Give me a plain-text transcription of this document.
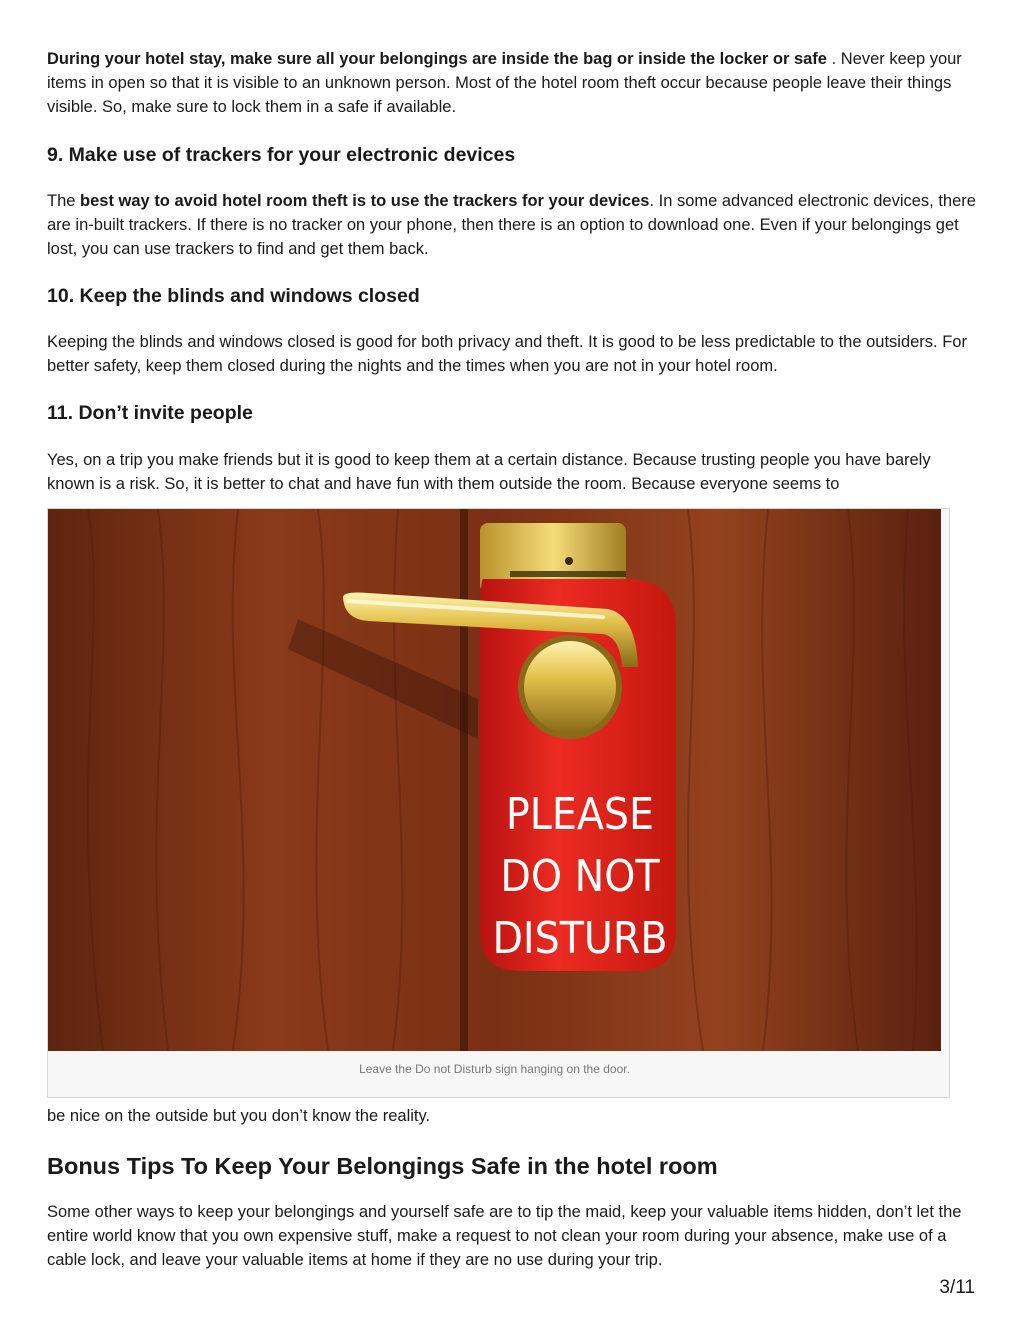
During your hotel stay, make sure all your belongings are inside the bag or inside the locker or safe . Never keep your items in open so that it is visible to an unknown person. Most of the hotel room theft occur because people leave their things visible. So, make sure to lock them in a safe if available.

9. Make use of trackers for your electronic devices

The best way to avoid hotel room theft is to use the trackers for your devices. In some advanced electronic devices, there are in-built trackers. If there is no tracker on your phone, then there is an option to download one. Even if your belongings get lost, you can use trackers to find and get them back.

10. Keep the blinds and windows closed

Keeping the blinds and windows closed is good for both privacy and theft. It is good to be less predictable to the outsiders. For better safety, keep them closed during the nights and the times when you are not in your hotel room.

11. Don’t invite people

Yes, on a trip you make friends but it is good to keep them at a certain distance. Because trusting people you have barely known is a risk. So, it is better to chat and have fun with them outside the room. Because everyone seems to

PLEASE
DO NOT
DISTURB
Leave the Do not Disturb sign hanging on the door.

be nice on the outside but you don’t know the reality.

Bonus Tips To Keep Your Belongings Safe in the hotel room

Some other ways to keep your belongings and yourself safe are to tip the maid, keep your valuable items hidden, don’t let the entire world know that you own expensive stuff, make a request to not clean your room during your absence, make use of a cable lock, and leave your valuable items at home if they are no use during your trip.

3/11
